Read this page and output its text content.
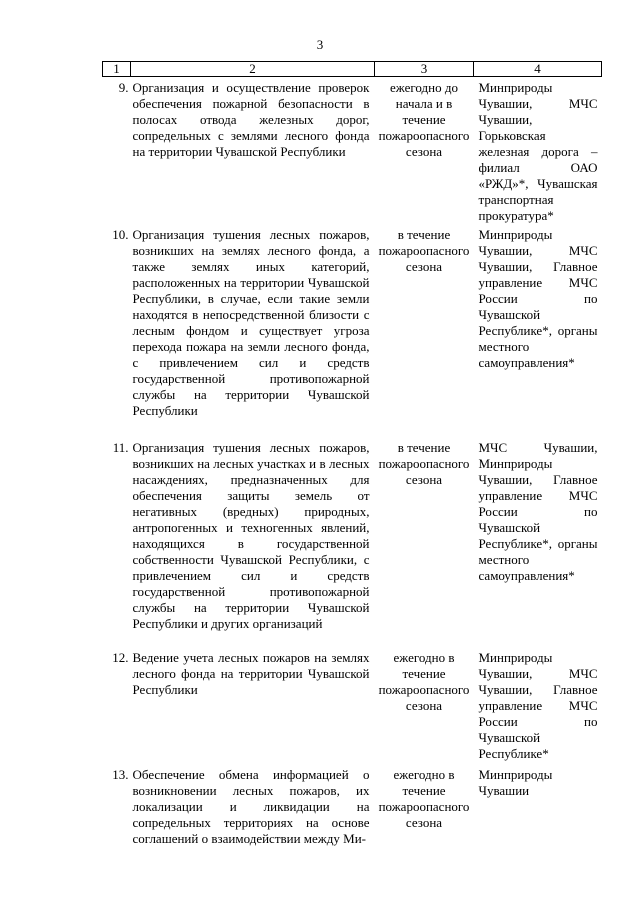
3
1	2	3	4
9.	Организация и осуществление проверок обеспечения пожарной безопасности в полосах отвода железных дорог, сопредельных с землями лесного фонда на территории Чувашской Республики	ежегодно до начала и в течение пожароопасного сезона	Минприроды Чувашии, МЧС Чувашии, Горьковская железная дорога – филиал ОАО «РЖД»*, Чувашская транспортная прокуратура*
10.	Организация тушения лесных пожаров, возникших на землях лесного фонда, а также землях иных категорий, расположенных на территории Чувашской Республики, в случае, если такие земли находятся в непосредственной близости с лесным фондом и существует угроза перехода пожара на земли лесного фонда, с привлечением сил и средств государственной противопожарной службы на территории Чувашской Республики	в течение пожароопасного сезона	Минприроды Чувашии, МЧС Чувашии, Главное управление МЧС России по Чувашской Республике*, органы местного самоуправления*
11.	Организация тушения лесных пожаров, возникших на лесных участках и в лесных насаждениях, предназначенных для обеспечения защиты земель от негативных (вредных) природных, антропогенных и техногенных явлений, находящихся в государственной собственности Чувашской Республики, с привлечением сил и средств государственной противопожарной службы на территории Чувашской Республики и других организаций	в течение пожароопасного сезона	МЧС Чувашии, Минприроды Чувашии, Главное управление МЧС России по Чувашской Республике*, органы местного самоуправления*
12.	Ведение учета лесных пожаров на землях лесного фонда на территории Чувашской Республики	ежегодно в течение пожароопасного сезона	Минприроды Чувашии, МЧС Чувашии, Главное управление МЧС России по Чувашской Республике*
13.	Обеспечение обмена информацией о возникновении лесных пожаров, их локализации и ликвидации на сопредельных территориях на основе соглашений о взаимодействии между Ми-	ежегодно в течение пожароопасного сезона	Минприроды Чувашии
